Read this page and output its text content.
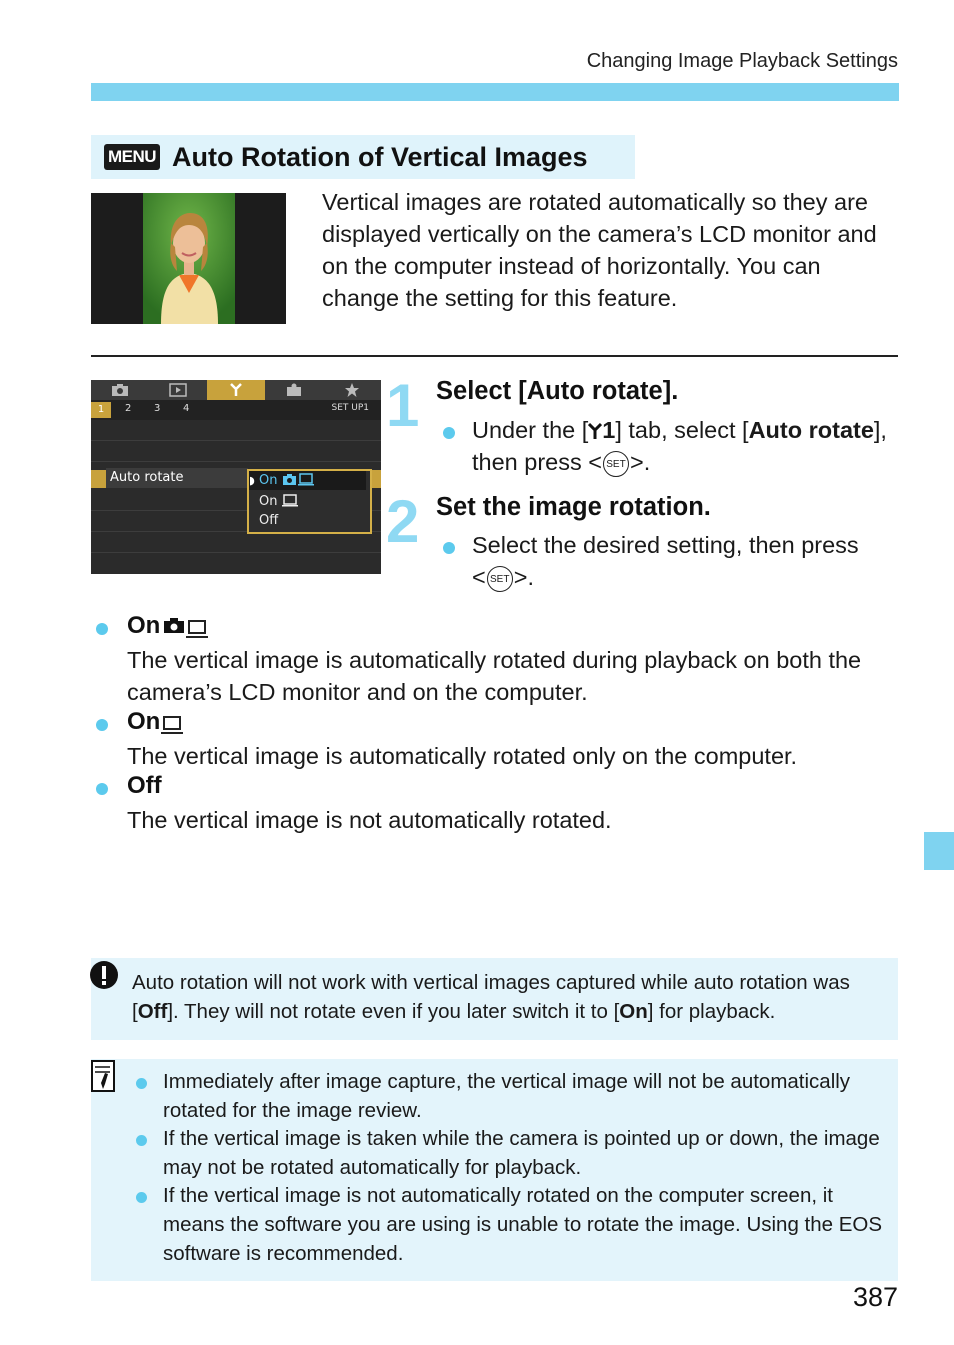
Changing Image Playback Settings
MENU Auto Rotation of Vertical Images
Vertical images are rotated automatically so they are displayed vertically on the camera’s LCD monitor and on the computer instead of horizontally. You can change the setting for this feature.
1	2 3 4	SET UP1
Auto rotate	◗ On
On
Off
1 Select [Auto rotate].
Under the [ 1] tab, select [Auto rotate], then press < SET >.
2 Set the image rotation.
Select the desired setting, then press
< SET >.
On
The vertical image is automatically rotated during playback on both the camera’s LCD monitor and on the computer.
On
The vertical image is automatically rotated only on the computer.
Off
The vertical image is not automatically rotated.
Auto rotation will not work with vertical images captured while auto rotation was [Off]. They will not rotate even if you later switch it to [On] for playback.
Immediately after image capture, the vertical image will not be automatically rotated for the image review.
If the vertical image is taken while the camera is pointed up or down, the image may not be rotated automatically for playback.
If the vertical image is not automatically rotated on the computer screen, it means the software you are using is unable to rotate the image. Using the EOS software is recommended.
387
